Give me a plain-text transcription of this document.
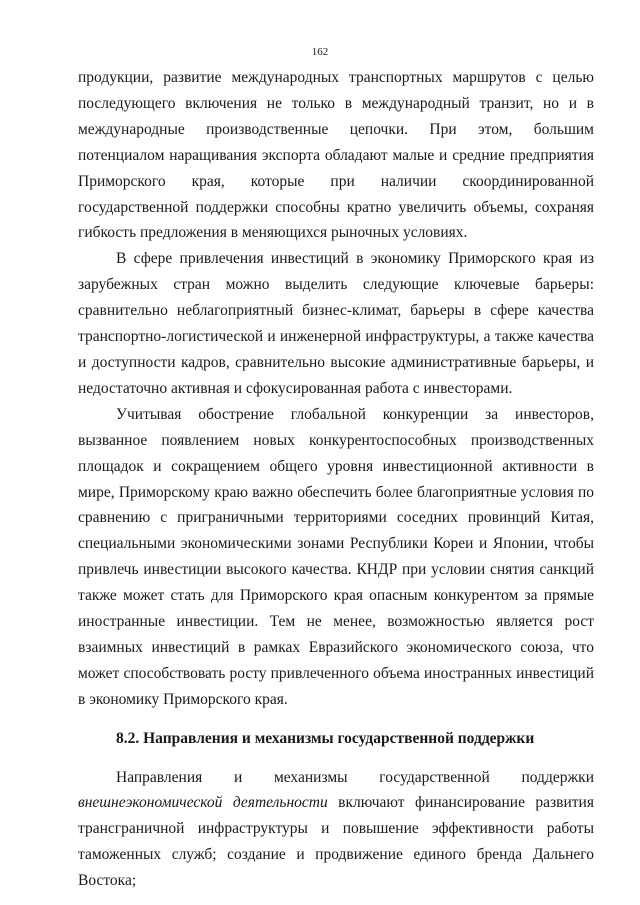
162

продукции, развитие международных транспортных маршрутов с целью последующего включения не только в международный транзит, но и в международные производственные цепочки. При этом, большим потенциалом наращивания экспорта обладают малые и средние предприятия Приморского края, которые при наличии скоординированной государственной поддержки способны кратно увеличить объемы, сохраняя гибкость предложения в меняющихся рыночных условиях.

В сфере привлечения инвестиций в экономику Приморского края из зарубежных стран можно выделить следующие ключевые барьеры: сравнительно неблагоприятный бизнес-климат, барьеры в сфере качества транспортно-логистической и инженерной инфраструктуры, а также качества и доступности кадров, сравнительно высокие административные барьеры, и недостаточно активная и сфокусированная работа с инвесторами.

Учитывая обострение глобальной конкуренции за инвесторов, вызванное появлением новых конкурентоспособных производственных площадок и сокращением общего уровня инвестиционной активности в мире, Приморскому краю важно обеспечить более благоприятные условия по сравнению с приграничными территориями соседних провинций Китая, специальными экономическими зонами Республики Кореи и Японии, чтобы привлечь инвестиции высокого качества. КНДР при условии снятия санкций также может стать для Приморского края опасным конкурентом за прямые иностранные инвестиции. Тем не менее, возможностью является рост взаимных инвестиций в рамках Евразийского экономического союза, что может способствовать росту привлеченного объема иностранных инвестиций в экономику Приморского края.

8.2. Направления и механизмы государственной поддержки

Направления и механизмы государственной поддержки внешнеэкономической деятельности включают финансирование развития трансграничной инфраструктуры и повышение эффективности работы таможенных служб; создание и продвижение единого бренда Дальнего Востока;
